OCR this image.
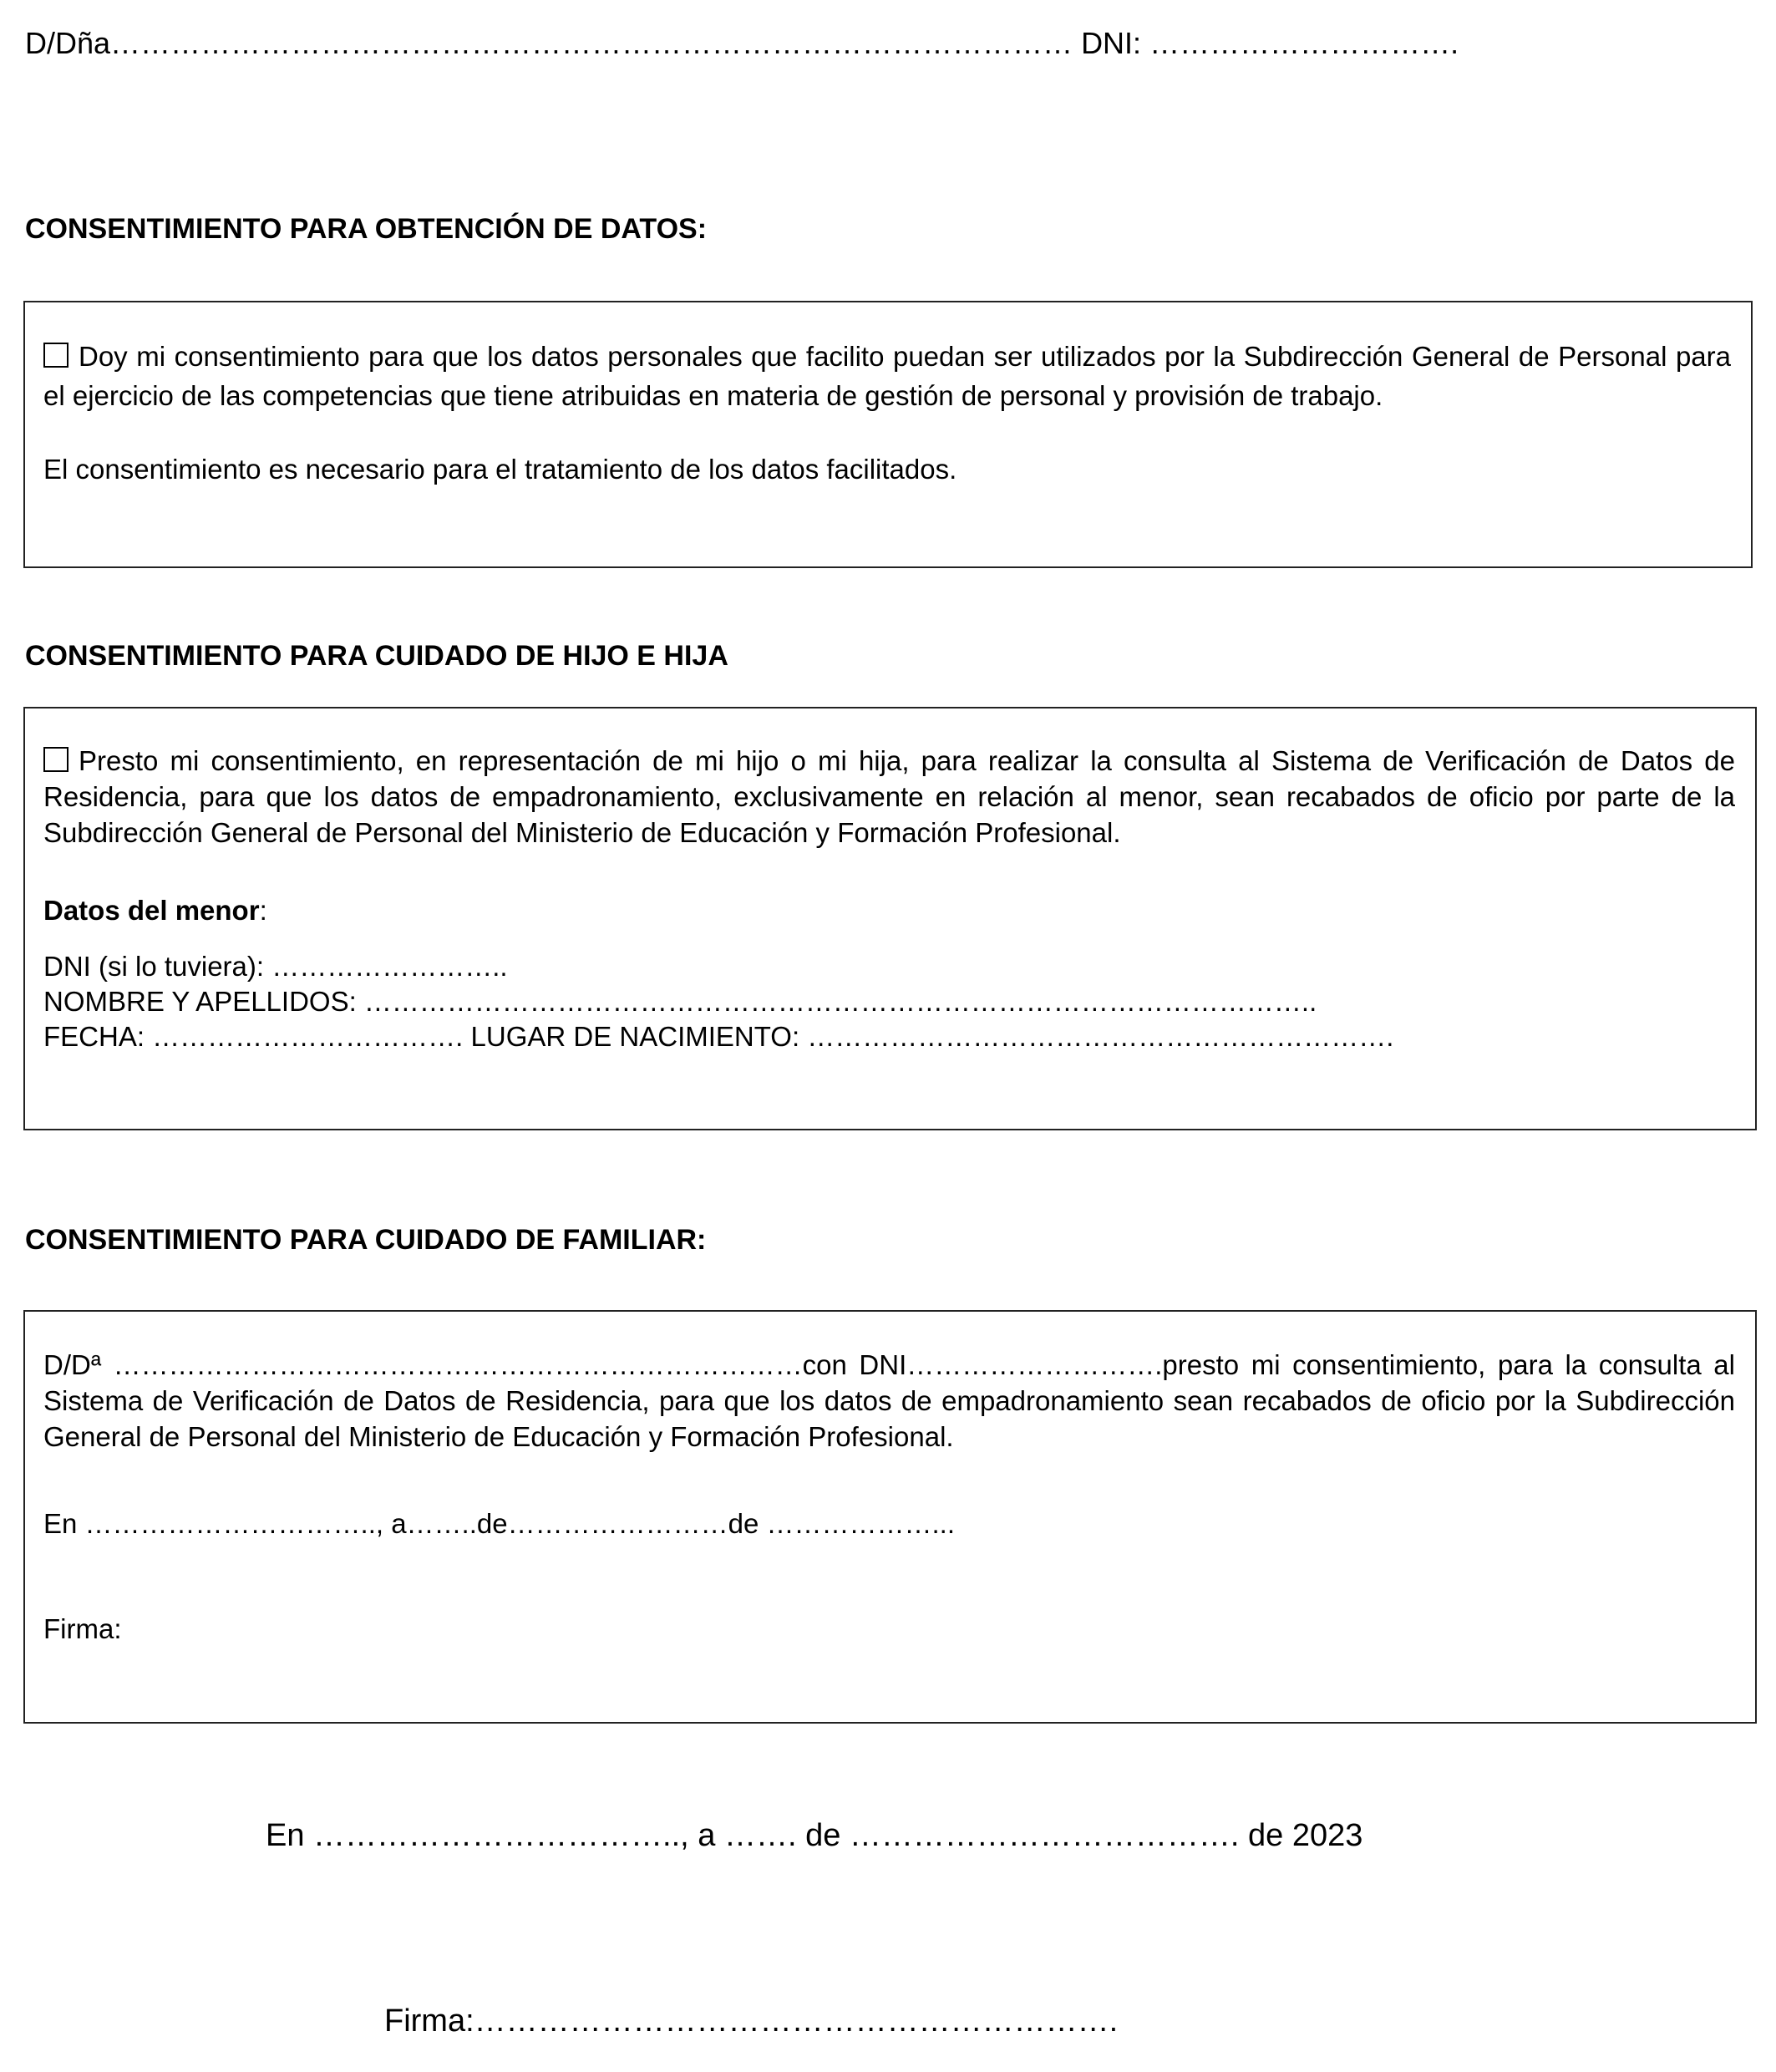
D/Dña…………………………………………………………………………………… DNI: ………………………….
CONSENTIMIENTO PARA OBTENCIÓN DE DATOS:
Doy mi consentimiento para que los datos personales que facilito puedan ser utilizados por la Subdirección General de Personal para el ejercicio de las competencias que tiene atribuidas en materia de gestión de personal y provisión de trabajo.
El consentimiento es necesario para el tratamiento de los datos facilitados.
CONSENTIMIENTO PARA CUIDADO DE HIJO E HIJA
Presto mi consentimiento, en representación de mi hijo o mi hija, para realizar la consulta al Sistema de Verificación de Datos de Residencia, para que los datos de empadronamiento, exclusivamente en relación al menor, sean recabados de oficio por parte de la Subdirección General de Personal del Ministerio de Educación y Formación Profesional.
Datos del menor:
DNI (si lo tuviera): ……………………..
NOMBRE Y APELLIDOS: …………………………………………………………………………………………..
FECHA: ……………………………. LUGAR DE NACIMIENTO: ……………………………………………………….
CONSENTIMIENTO PARA CUIDADO DE FAMILIAR:
D/Dª …………………………………………………………………con DNI……………………….presto mi consentimiento, para la consulta al Sistema de Verificación de Datos de Residencia, para que los datos de empadronamiento sean recabados de oficio por la Subdirección General de Personal del Ministerio de Educación y Formación Profesional.
En ………………………….., a……..de……………………de ………………...
Firma:
En …………………………….., a ……. de ………………………………. de 2023
Firma:…………………………………………………….
